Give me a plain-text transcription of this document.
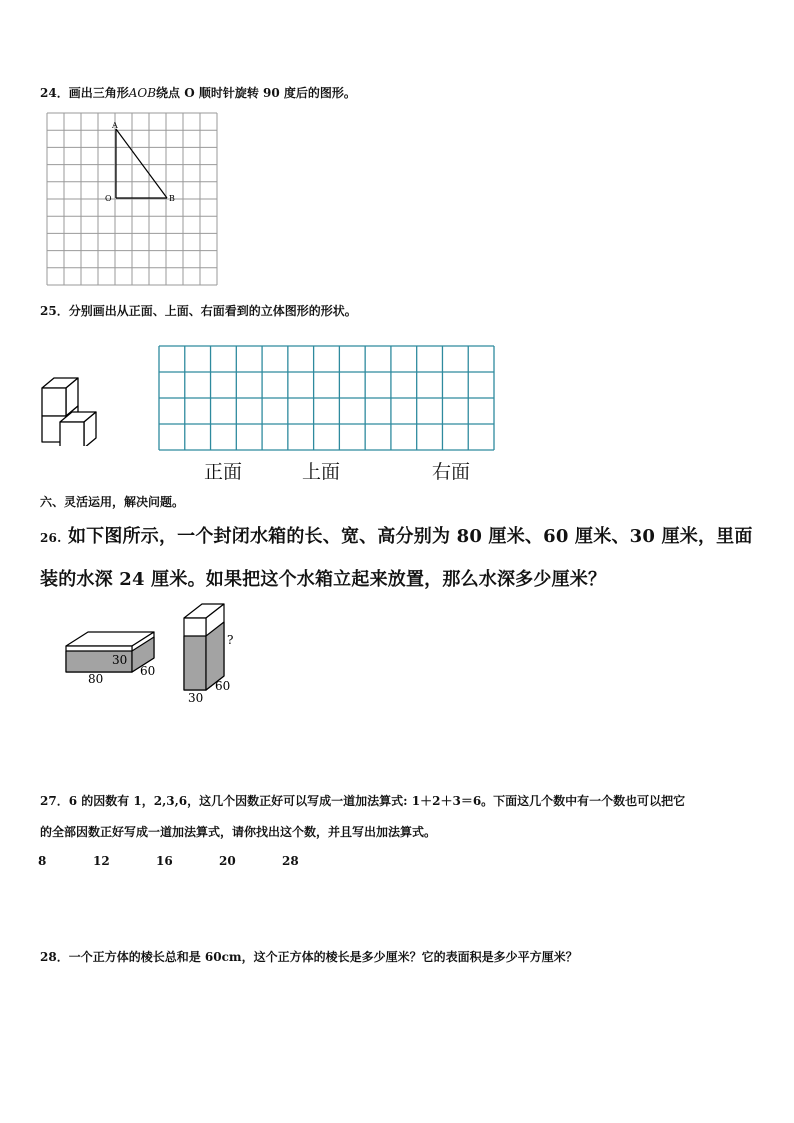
24．画出三角形AOB绕点 O 顺时针旋转 90 度后的图形。
A
O	B
25．分别画出从正面、上面、右面看到的立体图形的形状。
正面	上面	右面
六、灵活运用，解决问题。
26. 如下图所示，一个封闭水箱的长、宽、高分别为 80 厘米、60 厘米、30 厘米，里面
装的水深 24 厘米。如果把这个水箱立起来放置，那么水深多少厘米？
30
60
80
?
60
30
27．6 的因数有 1，2,3,6，这几个因数正好可以写成一道加法算式: 1＋2＋3＝6。下面这几个数中有一个数也可以把它
的全部因数正好写成一道加法算式，请你找出这个数，并且写出加法算式。
8	12	16	20	28
28．一个正方体的棱长总和是 60cm，这个正方体的棱长是多少厘米？它的表面积是多少平方厘米？
